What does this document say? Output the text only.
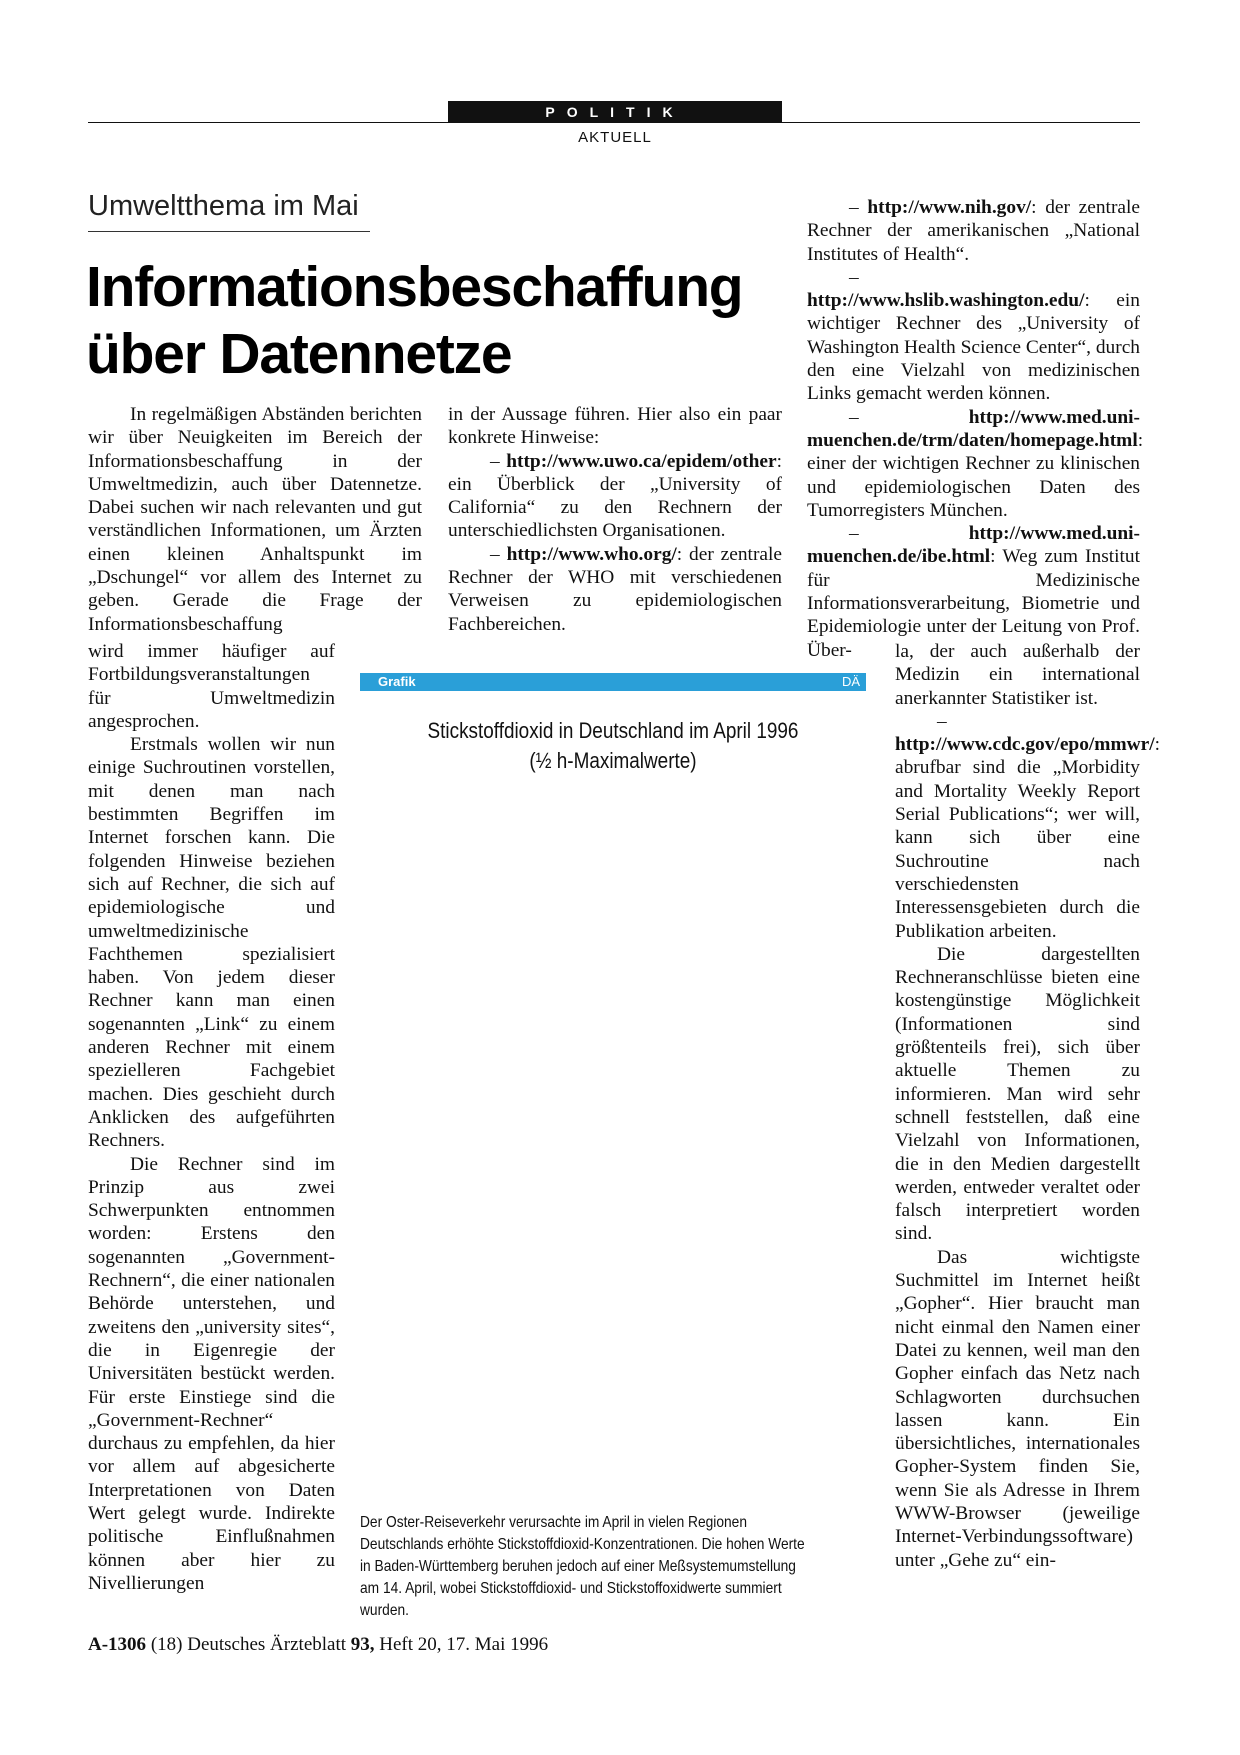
POLITIK
AKTUELL
Umweltthema im Mai
Informationsbeschaffung
über Datennetze

In regelmäßigen Abständen berichten wir über Neuigkeiten im Bereich der Informationsbeschaffung in der Umweltmedizin, auch über Datennetze. Dabei suchen wir nach relevanten und gut verständlichen Informationen, um Ärzten einen kleinen Anhaltspunkt im „Dschungel“ vor allem des Internet zu geben. Gerade die Frage der Informationsbeschaffung

wird immer häufiger auf Fortbildungsveranstaltungen für Umweltmedizin angesprochen.

Erstmals wollen wir nun einige Suchroutinen vorstellen, mit denen man nach bestimmten Begriffen im Internet forschen kann. Die folgenden Hinweise beziehen sich auf Rechner, die sich auf epidemiologische und umweltmedizinische Fachthemen spezialisiert haben. Von jedem dieser Rechner kann man einen sogenannten „Link“ zu einem anderen Rechner mit einem spezielleren Fachgebiet machen. Dies geschieht durch Anklicken des aufgeführten Rechners.

Die Rechner sind im Prinzip aus zwei Schwerpunkten entnommen worden: Erstens den sogenannten „Government-Rechnern“, die einer nationalen Behörde unterstehen, und zweitens den „university sites“, die in Eigenregie der Universitäten bestückt werden. Für erste Einstiege sind die „Government-Rechner“ durchaus zu empfehlen, da hier vor allem auf abgesicherte Interpretationen von Daten Wert gelegt wurde. Indirekte politische Einflußnahmen können aber hier zu Nivellierungen

in der Aussage führen. Hier also ein paar konkrete Hinweise:

– http://www.uwo.ca/epidem/other: ein Überblick der „University of California“ zu den Rechnern der unterschiedlichsten Organisationen.

– http://www.who.org/: der zentrale Rechner der WHO mit verschiedenen Verweisen zu epidemiologischen Fachbereichen.

– http://www.nih.gov/: der zentrale Rechner der amerikanischen „National Institutes of Health“.

– http://www.hslib.washington.edu/: ein wichtiger Rechner des „University of Washington Health Science Center“, durch den eine Vielzahl von medizinischen Links gemacht werden können.

– http://www.med.uni-muenchen.de/trm/daten/homepage.html: einer der wichtigen Rechner zu klinischen und epidemiologischen Daten des Tumorregisters München.

– http://www.med.uni-muenchen.de/ibe.html: Weg zum Institut für Medizinische Informationsverarbeitung, Biometrie und Epidemiologie unter der Leitung von Prof. Über-	la, der auch außerhalb der Medizin ein international anerkannter Statistiker ist.

– http://www.cdc.gov/epo/mmwr/: abrufbar sind die „Morbidity and Mortality Weekly Report Serial Publications“; wer will, kann sich über eine Suchroutine nach verschiedensten Interessensgebieten durch die Publikation arbeiten.

Die dargestellten Rechneranschlüsse bieten eine kostengünstige Möglichkeit (Informationen sind größtenteils frei), sich über aktuelle Themen zu informieren. Man wird sehr schnell feststellen, daß eine Vielzahl von Informationen, die in den Medien dargestellt werden, entweder veraltet oder falsch interpretiert worden sind.

Das wichtigste Suchmittel im Internet heißt „Gopher“. Hier braucht man nicht einmal den Namen einer Datei zu kennen, weil man den Gopher einfach das Netz nach Schlagworten durchsuchen lassen kann. Ein übersichtliches, internationales Gopher-System finden Sie, wenn Sie als Adresse in Ihrem WWW-Browser (jeweilige Internet-Verbindungssoftware) unter „Gehe zu“ ein-

Grafik	DÄ
Stickstoffdioxid in Deutschland im April 1996
(½ h-Maximalwerte)
Der Oster-Reiseverkehr verursachte im April in vielen Regionen Deutschlands erhöhte Stickstoffdioxid-Konzentrationen. Die hohen Werte in Baden-Württemberg beruhen jedoch auf einer Meßsystemumstellung am 14. April, wobei Stickstoffdioxid- und Stickstoffoxidwerte summiert wurden.
A-1306 (18) Deutsches Ärzteblatt 93, Heft 20, 17. Mai 1996
